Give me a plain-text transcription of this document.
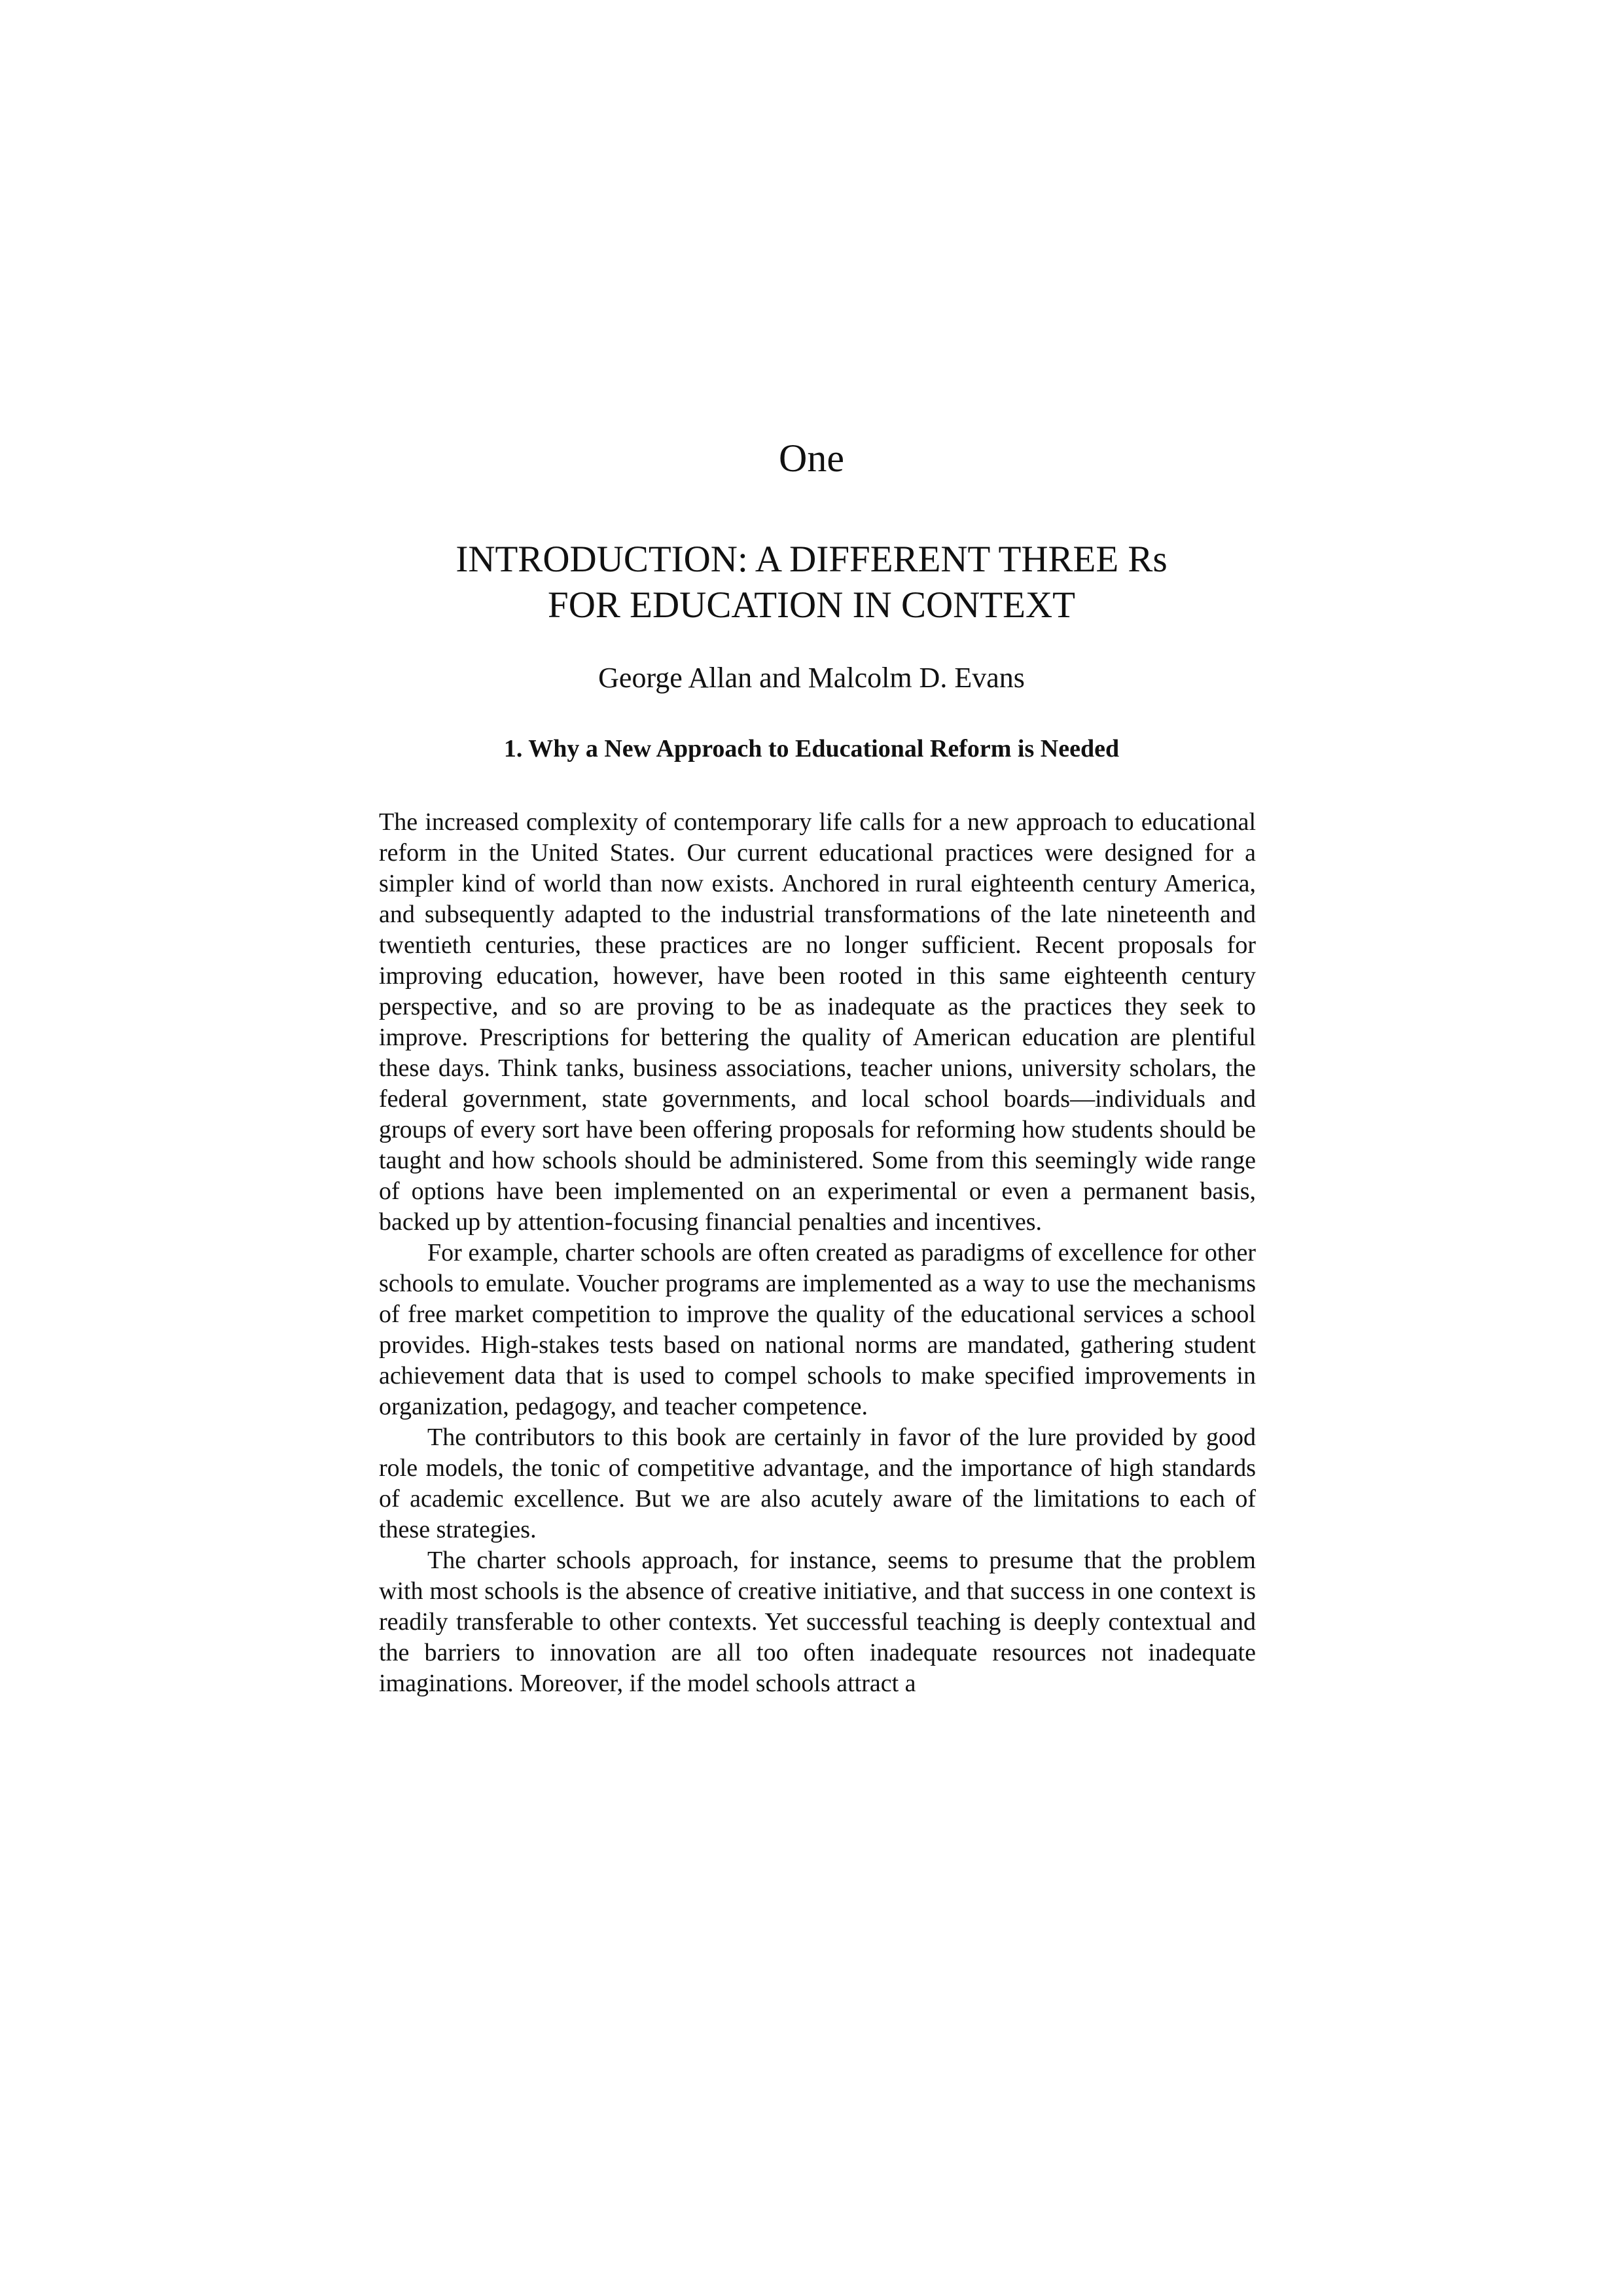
One
INTRODUCTION: A DIFFERENT THREE Rs
FOR EDUCATION IN CONTEXT
George Allan and Malcolm D. Evans
1. Why a New Approach to Educational Reform is Needed

The increased complexity of contemporary life calls for a new approach to educational reform in the United States. Our current educational practices were designed for a simpler kind of world than now exists. Anchored in rural eighteenth century America, and subsequently adapted to the industrial transformations of the late nineteenth and twentieth centuries, these practices are no longer sufficient. Recent proposals for improving education, however, have been rooted in this same eighteenth century perspective, and so are proving to be as inadequate as the practices they seek to improve. Prescriptions for bettering the quality of American education are plentiful these days. Think tanks, business associations, teacher unions, university scholars, the federal government, state governments, and local school boards—individuals and groups of every sort have been offering proposals for reforming how students should be taught and how schools should be administered. Some from this seemingly wide range of options have been implemented on an experimental or even a permanent basis, backed up by attention-focusing financial penalties and incentives.

For example, charter schools are often created as paradigms of excellence for other schools to emulate. Voucher programs are implemented as a way to use the mechanisms of free market competition to improve the quality of the educational services a school provides. High-stakes tests based on national norms are mandated, gathering student achievement data that is used to compel schools to make specified improvements in organization, pedagogy, and teacher competence.

The contributors to this book are certainly in favor of the lure provided by good role models, the tonic of competitive advantage, and the importance of high standards of academic excellence. But we are also acutely aware of the limitations to each of these strategies.

The charter schools approach, for instance, seems to presume that the problem with most schools is the absence of creative initiative, and that success in one context is readily transferable to other contexts. Yet successful teaching is deeply contextual and the barriers to innovation are all too often inadequate resources not inadequate imaginations. Moreover, if the model schools attract a
